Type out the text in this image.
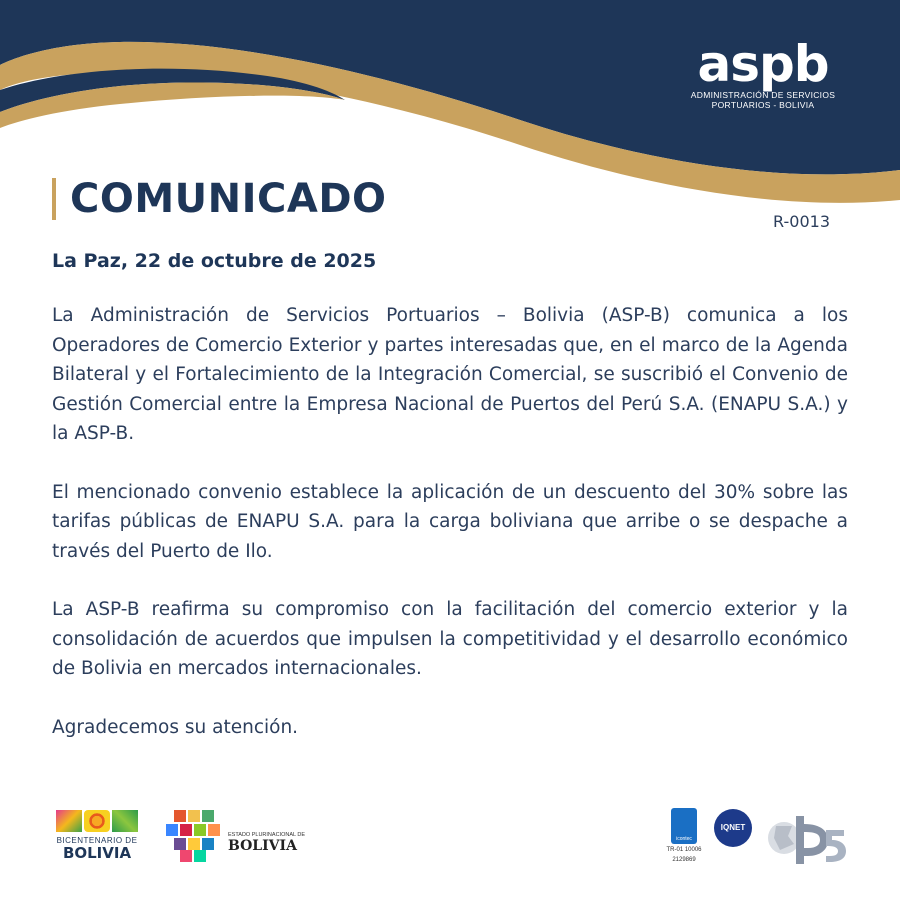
aspb
ADMINISTRACIÓN DE SERVICIOS
PORTUARIOS - BOLIVIA
COMUNICADO	R-0013
La Paz, 22 de octubre de 2025

La Administración de Servicios Portuarios – Bolivia (ASP-B) comunica a los Operadores de Comercio Exterior y partes interesadas que, en el marco de la Agenda Bilateral y el Fortalecimiento de la Integración Comercial, se suscribió el Convenio de Gestión Comercial entre la Empresa Nacional de Puertos del Perú S.A. (ENAPU S.A.) y la ASP-B.

El mencionado convenio establece la aplicación de un descuento del 30% sobre las tarifas públicas de ENAPU S.A. para la carga boliviana que arribe o se despache a través del Puerto de Ilo.

La ASP-B reafirma su compromiso con la facilitación del comercio exterior y la consolidación de acuerdos que impulsen la competitividad y el desarrollo económico de Bolivia en mercados internacionales.

Agradecemos su atención.

BICENTENARIO DE
BOLIVIA
ESTADO PLURINACIONAL DE
BOLIVIA	icontec
TR-01 10006
2129869
IQNET
